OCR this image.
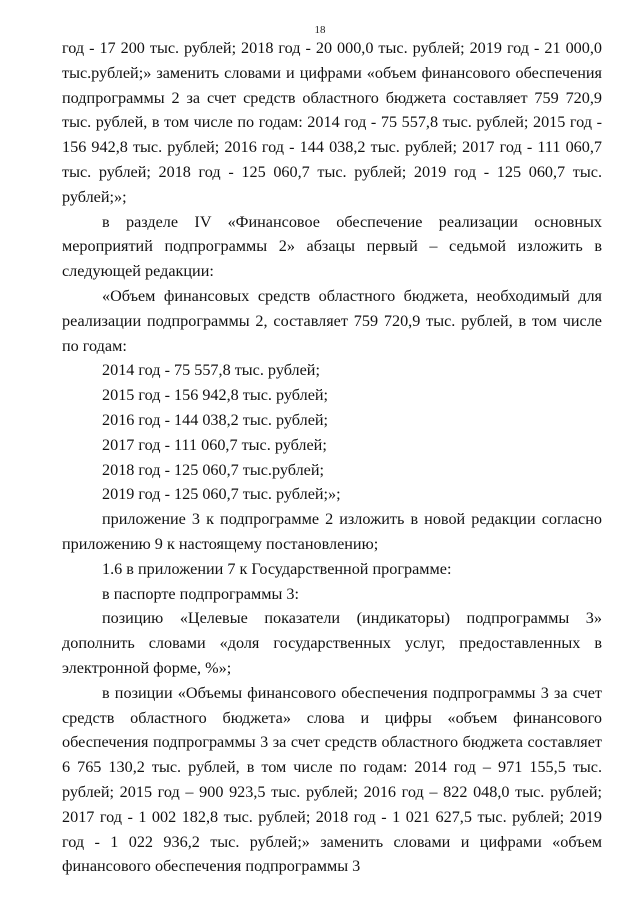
18

год - 17 200 тыс. рублей; 2018 год - 20 000,0 тыс. рублей; 2019 год - 21 000,0 тыс.рублей;» заменить словами и цифрами «объем финансового обеспечения подпрограммы 2 за счет средств областного бюджета составляет 759 720,9 тыс. рублей, в том числе по годам: 2014 год - 75 557,8 тыс. рублей; 2015 год - 156 942,8 тыс. рублей; 2016 год - 144 038,2 тыс. рублей; 2017 год - 111 060,7 тыс. рублей; 2018 год - 125 060,7 тыс. рублей; 2019 год - 125 060,7 тыс. рублей;»;

в разделе IV «Финансовое обеспечение реализации основных мероприятий подпрограммы 2» абзацы первый – седьмой изложить в следующей редакции:

«Объем финансовых средств областного бюджета, необходимый для реализации подпрограммы 2, составляет 759 720,9 тыс. рублей, в том числе по годам:

2014 год - 75 557,8 тыс. рублей;

2015 год - 156 942,8 тыс. рублей;

2016 год - 144 038,2 тыс. рублей;

2017 год - 111 060,7 тыс. рублей;

2018 год - 125 060,7 тыс.рублей;

2019 год - 125 060,7 тыс. рублей;»;

приложение 3 к подпрограмме 2 изложить в новой редакции согласно приложению 9 к настоящему постановлению;

1.6 в приложении 7 к Государственной программе:

в паспорте подпрограммы 3:

позицию «Целевые показатели (индикаторы) подпрограммы 3» дополнить словами «доля государственных услуг, предоставленных в электронной форме, %»;

в позиции «Объемы финансового обеспечения подпрограммы 3 за счет средств областного бюджета» слова и цифры «объем финансового обеспечения подпрограммы 3 за счет средств областного бюджета составляет 6 765 130,2 тыс. рублей, в том числе по годам: 2014 год – 971 155,5 тыс. рублей; 2015 год – 900 923,5 тыс. рублей; 2016 год – 822 048,0 тыс. рублей; 2017 год - 1 002 182,8 тыс. рублей; 2018 год - 1 021 627,5 тыс. рублей; 2019 год - 1 022 936,2 тыс. рублей;» заменить словами и цифрами «объем финансового обеспечения подпрограммы 3
